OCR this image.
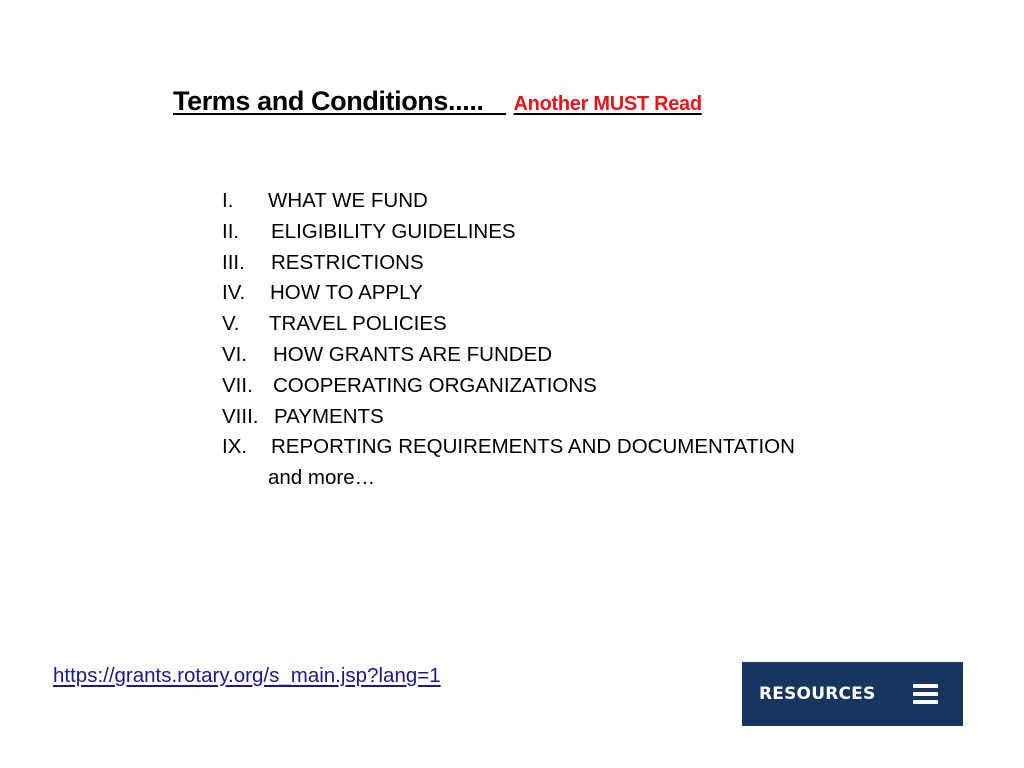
Terms and Conditions..... Another MUST Read
I.	WHAT WE FUND
II.	ELIGIBILITY GUIDELINES
III.	RESTRICTIONS
IV.	HOW TO APPLY
V.	TRAVEL POLICIES
VI.	HOW GRANTS ARE FUNDED
VII. COOPERATING ORGANIZATIONS
VIII. PAYMENTS
IX.	REPORTING REQUIREMENTS AND DOCUMENTATION
and more…
https://grants.rotary.org/s_main.jsp?lang=1
RESOURCES
